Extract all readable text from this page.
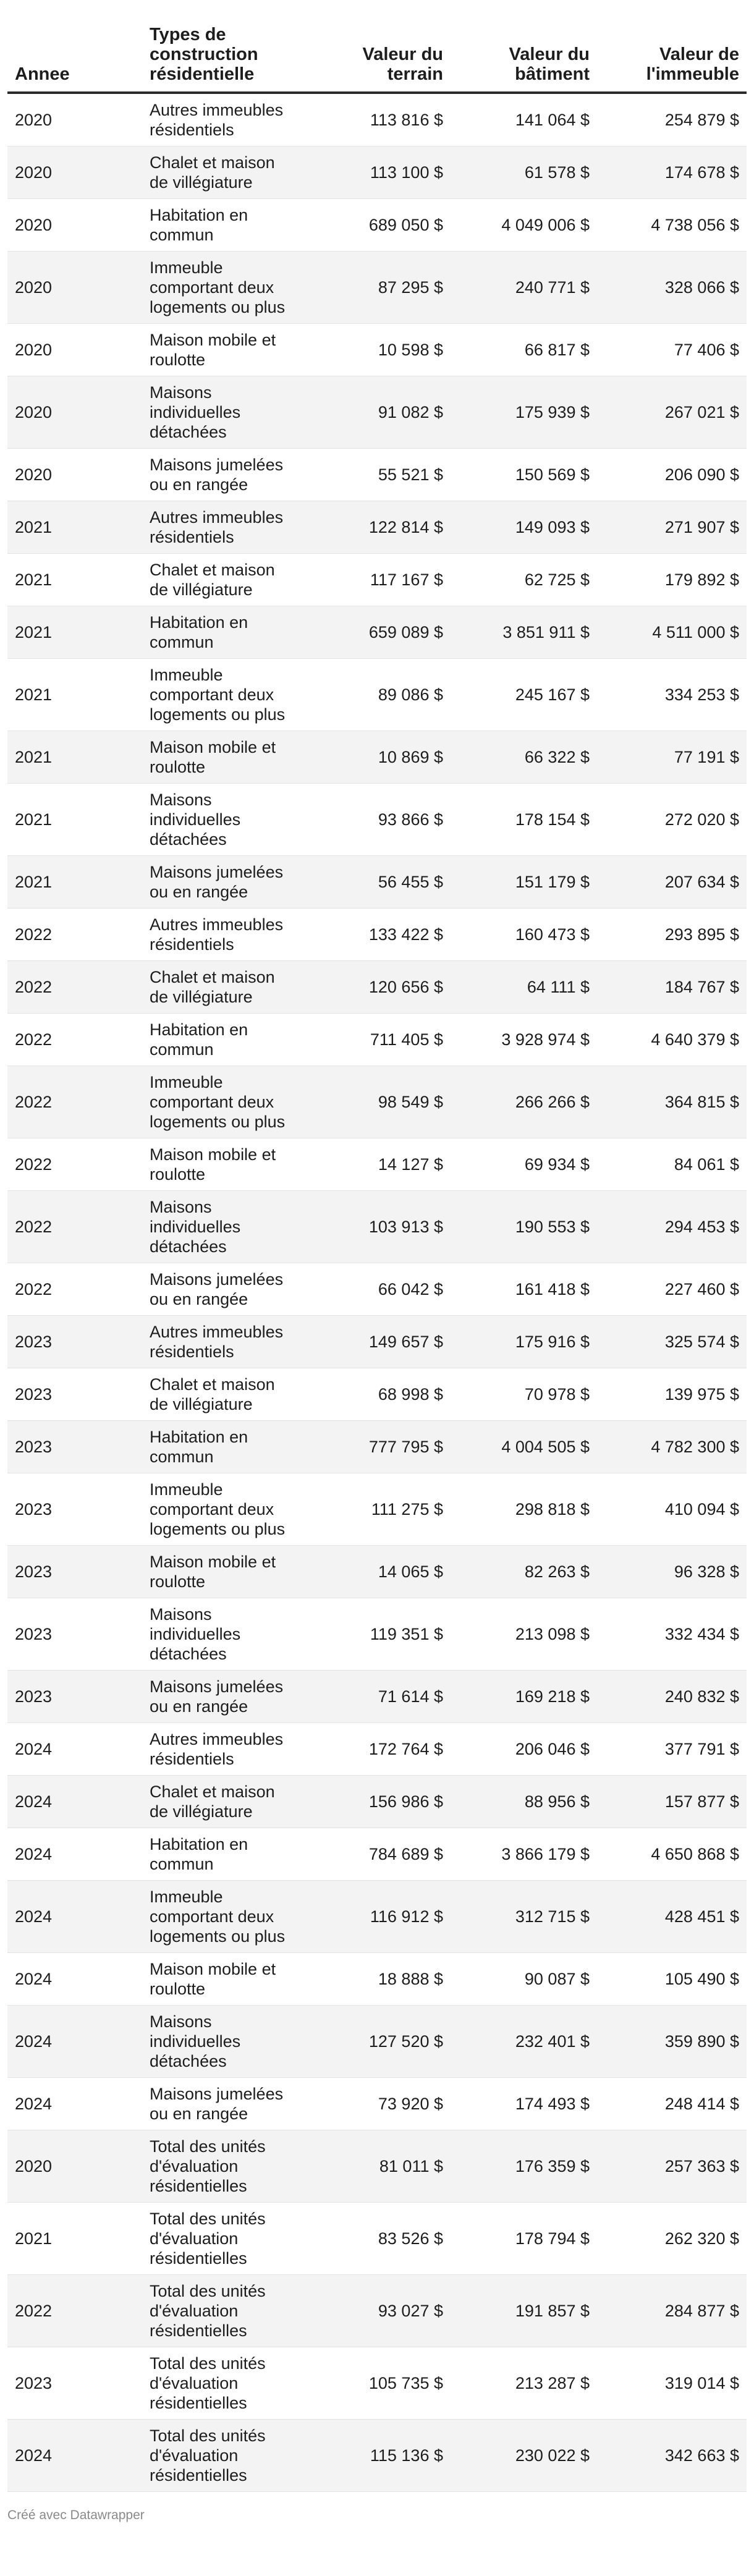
Annee	Types de construction résidentielle	Valeur du terrain	Valeur du bâtiment	Valeur de l'immeuble
2020	Autres immeubles résidentiels	113 816 $	141 064 $	254 879 $
2020	Chalet et maison de villégiature	113 100 $	61 578 $	174 678 $
2020	Habitation en commun	689 050 $	4 049 006 $	4 738 056 $
2020	Immeuble comportant deux logements ou plus	87 295 $	240 771 $	328 066 $
2020	Maison mobile et roulotte	10 598 $	66 817 $	77 406 $
2020	Maisons individuelles détachées	91 082 $	175 939 $	267 021 $
2020	Maisons jumelées ou en rangée	55 521 $	150 569 $	206 090 $
2021	Autres immeubles résidentiels	122 814 $	149 093 $	271 907 $
2021	Chalet et maison de villégiature	117 167 $	62 725 $	179 892 $
2021	Habitation en commun	659 089 $	3 851 911 $	4 511 000 $
2021	Immeuble comportant deux logements ou plus	89 086 $	245 167 $	334 253 $
2021	Maison mobile et roulotte	10 869 $	66 322 $	77 191 $
2021	Maisons individuelles détachées	93 866 $	178 154 $	272 020 $
2021	Maisons jumelées ou en rangée	56 455 $	151 179 $	207 634 $
2022	Autres immeubles résidentiels	133 422 $	160 473 $	293 895 $
2022	Chalet et maison de villégiature	120 656 $	64 111 $	184 767 $
2022	Habitation en commun	711 405 $	3 928 974 $	4 640 379 $
2022	Immeuble comportant deux logements ou plus	98 549 $	266 266 $	364 815 $
2022	Maison mobile et roulotte	14 127 $	69 934 $	84 061 $
2022	Maisons individuelles détachées	103 913 $	190 553 $	294 453 $
2022	Maisons jumelées ou en rangée	66 042 $	161 418 $	227 460 $
2023	Autres immeubles résidentiels	149 657 $	175 916 $	325 574 $
2023	Chalet et maison de villégiature	68 998 $	70 978 $	139 975 $
2023	Habitation en commun	777 795 $	4 004 505 $	4 782 300 $
2023	Immeuble comportant deux logements ou plus	111 275 $	298 818 $	410 094 $
2023	Maison mobile et roulotte	14 065 $	82 263 $	96 328 $
2023	Maisons individuelles détachées	119 351 $	213 098 $	332 434 $
2023	Maisons jumelées ou en rangée	71 614 $	169 218 $	240 832 $
2024	Autres immeubles résidentiels	172 764 $	206 046 $	377 791 $
2024	Chalet et maison de villégiature	156 986 $	88 956 $	157 877 $
2024	Habitation en commun	784 689 $	3 866 179 $	4 650 868 $
2024	Immeuble comportant deux logements ou plus	116 912 $	312 715 $	428 451 $
2024	Maison mobile et roulotte	18 888 $	90 087 $	105 490 $
2024	Maisons individuelles détachées	127 520 $	232 401 $	359 890 $
2024	Maisons jumelées ou en rangée	73 920 $	174 493 $	248 414 $
2020	Total des unités d'évaluation résidentielles	81 011 $	176 359 $	257 363 $
2021	Total des unités d'évaluation résidentielles	83 526 $	178 794 $	262 320 $
2022	Total des unités d'évaluation résidentielles	93 027 $	191 857 $	284 877 $
2023	Total des unités d'évaluation résidentielles	105 735 $	213 287 $	319 014 $
2024	Total des unités d'évaluation résidentielles	115 136 $	230 022 $	342 663 $
Créé avec Datawrapper
